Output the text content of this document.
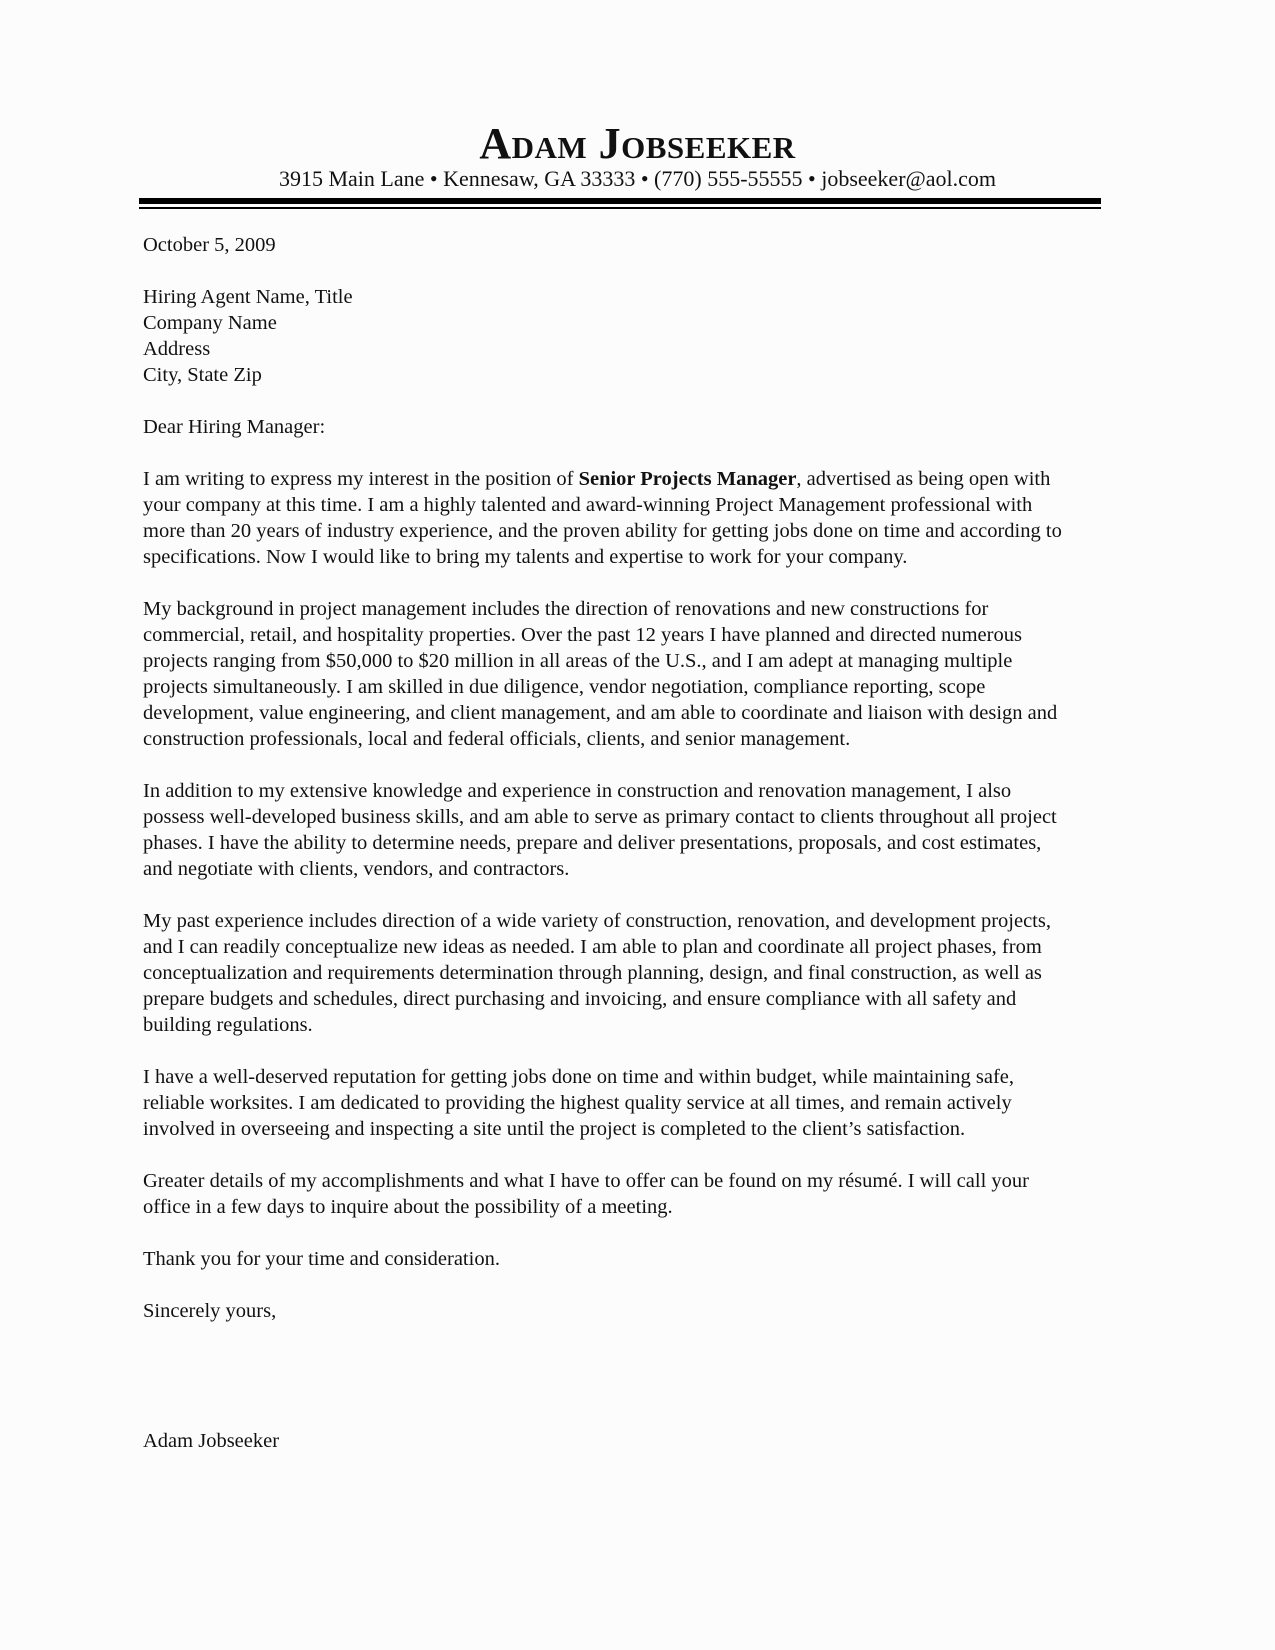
Adam Jobseeker
3915 Main Lane • Kennesaw, GA 33333 • (770) 555-55555 • jobseeker@aol.com

October 5, 2009

Hiring Agent Name, Title
Company Name
Address
City, State Zip

Dear Hiring Manager:

I am writing to express my interest in the position of Senior Projects Manager, advertised as being open with your company at this time. I am a highly talented and award-winning Project Management professional with more than 20 years of industry experience, and the proven ability for getting jobs done on time and according to specifications. Now I would like to bring my talents and expertise to work for your company.

My background in project management includes the direction of renovations and new constructions for commercial, retail, and hospitality properties. Over the past 12 years I have planned and directed numerous projects ranging from $50,000 to $20 million in all areas of the U.S., and I am adept at managing multiple projects simultaneously. I am skilled in due diligence, vendor negotiation, compliance reporting, scope development, value engineering, and client management, and am able to coordinate and liaison with design and construction professionals, local and federal officials, clients, and senior management.

In addition to my extensive knowledge and experience in construction and renovation management, I also possess well-developed business skills, and am able to serve as primary contact to clients throughout all project phases. I have the ability to determine needs, prepare and deliver presentations, proposals, and cost estimates, and negotiate with clients, vendors, and contractors.

My past experience includes direction of a wide variety of construction, renovation, and development projects, and I can readily conceptualize new ideas as needed. I am able to plan and coordinate all project phases, from conceptualization and requirements determination through planning, design, and final construction, as well as prepare budgets and schedules, direct purchasing and invoicing, and ensure compliance with all safety and building regulations.

I have a well-deserved reputation for getting jobs done on time and within budget, while maintaining safe, reliable worksites. I am dedicated to providing the highest quality service at all times, and remain actively involved in overseeing and inspecting a site until the project is completed to the client’s satisfaction.

Greater details of my accomplishments and what I have to offer can be found on my résumé. I will call your office in a few days to inquire about the possibility of a meeting.

Thank you for your time and consideration.

Sincerely yours,

Adam Jobseeker
